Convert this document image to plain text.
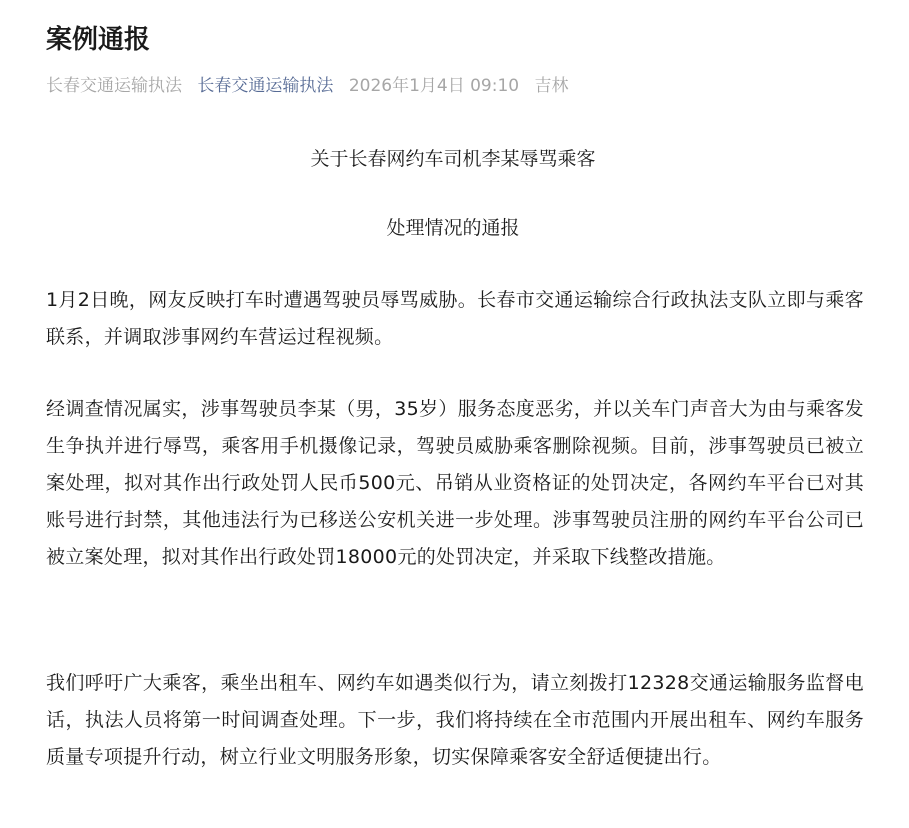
案例通报
长春交通运输执法 长春交通运输执法 2026年1月4日 09:10 吉林
关于长春网约车司机李某辱骂乘客
处理情况的通报

1月2日晚，网友反映打车时遭遇驾驶员辱骂威胁。长春市交通运输综合行政执法支队立即与乘客联系，并调取涉事网约车营运过程视频。

经调查情况属实，涉事驾驶员李某（男，35岁）服务态度恶劣，并以关车门声音大为由与乘客发生争执并进行辱骂，乘客用手机摄像记录，驾驶员威胁乘客删除视频。目前，涉事驾驶员已被立案处理，拟对其作出行政处罚人民币500元、吊销从业资格证的处罚决定，各网约车平台已对其账号进行封禁，其他违法行为已移送公安机关进一步处理。涉事驾驶员注册的网约车平台公司已被立案处理，拟对其作出行政处罚18000元的处罚决定，并采取下线整改措施。

我们呼吁广大乘客，乘坐出租车、网约车如遇类似行为，请立刻拨打12328交通运输服务监督电话，执法人员将第一时间调查处理。下一步，我们将持续在全市范围内开展出租车、网约车服务质量专项提升行动，树立行业文明服务形象，切实保障乘客安全舒适便捷出行。
